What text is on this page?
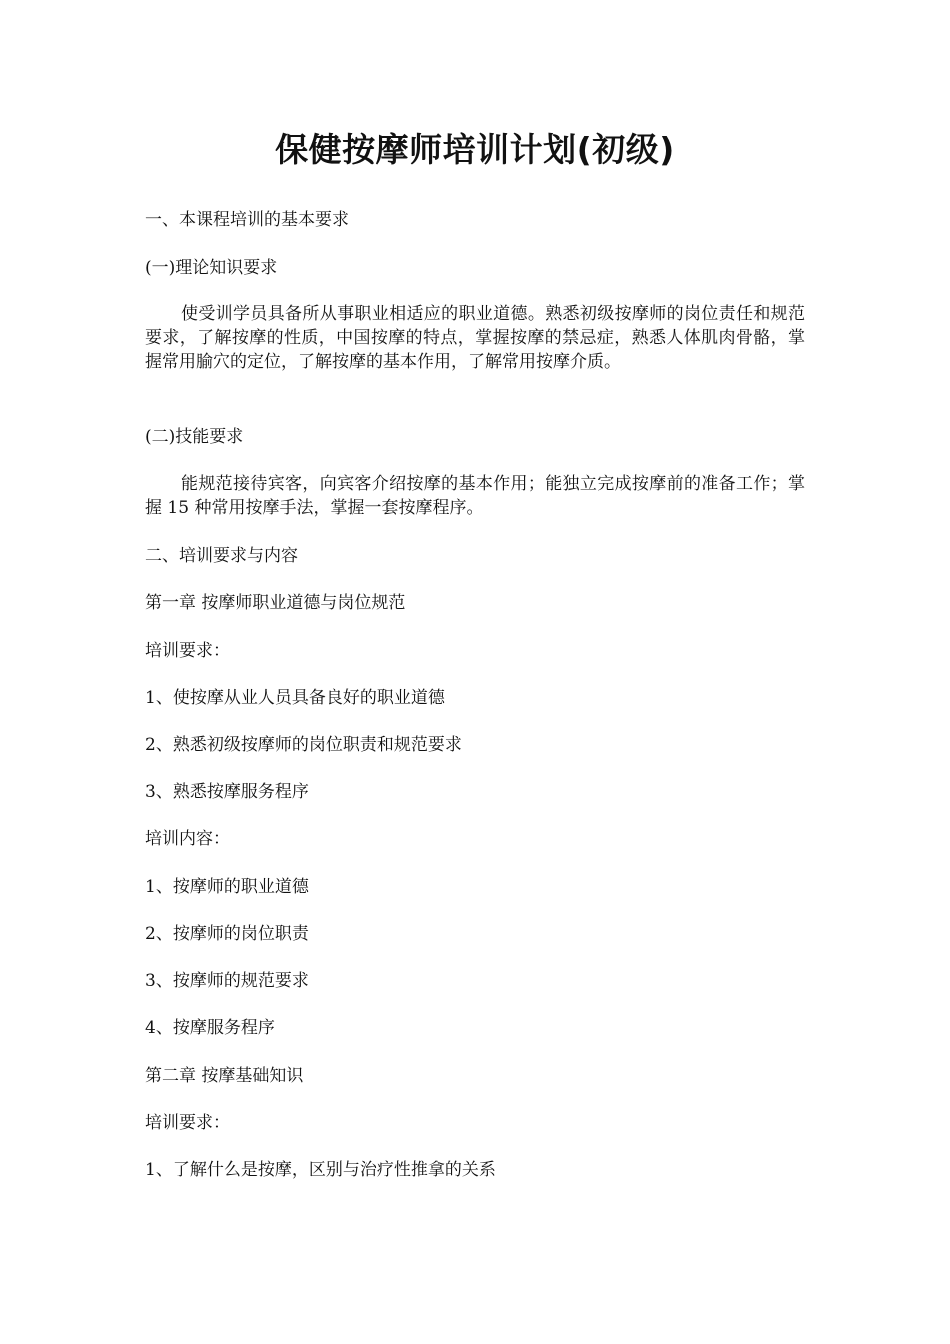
保健按摩师培训计划(初级)
一、本课程培训的基本要求
(一)理论知识要求
使受训学员具备所从事职业相适应的职业道德。熟悉初级按摩师的岗位责任和规范要求，了解按摩的性质，中国按摩的特点，掌握按摩的禁忌症，熟悉人体肌肉骨骼，掌握常用腧穴的定位，了解按摩的基本作用，了解常用按摩介质。
(二)技能要求
能规范接待宾客，向宾客介绍按摩的基本作用；能独立完成按摩前的准备工作；掌握 15 种常用按摩手法，掌握一套按摩程序。
二、培训要求与内容
第一章 按摩师职业道德与岗位规范
培训要求：
1、使按摩从业人员具备良好的职业道德
2、熟悉初级按摩师的岗位职责和规范要求
3、熟悉按摩服务程序
培训内容：
1、按摩师的职业道德
2、按摩师的岗位职责
3、按摩师的规范要求
4、按摩服务程序
第二章 按摩基础知识
培训要求：
1、了解什么是按摩，区别与治疗性推拿的关系
